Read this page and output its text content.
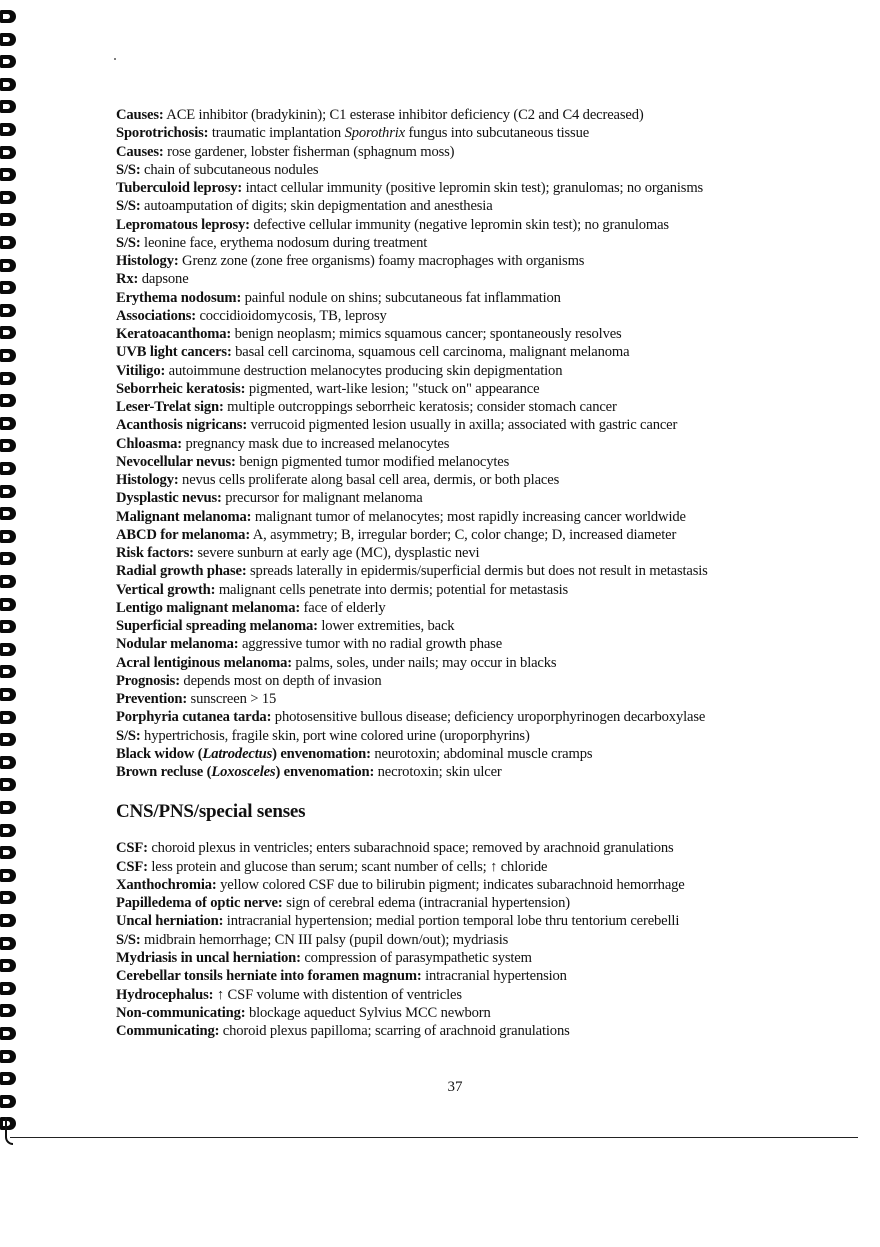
Causes: ACE inhibitor (bradykinin); C1 esterase inhibitor deficiency (C2 and C4 decreased)
Sporotrichosis: traumatic implantation Sporothrix fungus into subcutaneous tissue
Causes: rose gardener, lobster fisherman (sphagnum moss)
S/S: chain of subcutaneous nodules
Tuberculoid leprosy: intact cellular immunity (positive lepromin skin test); granulomas; no organisms
S/S: autoamputation of digits; skin depigmentation and anesthesia
Lepromatous leprosy: defective cellular immunity (negative lepromin skin test); no granulomas
S/S: leonine face, erythema nodosum during treatment
Histology: Grenz zone (zone free organisms) foamy macrophages with organisms
Rx: dapsone
Erythema nodosum: painful nodule on shins; subcutaneous fat inflammation
Associations: coccidioidomycosis, TB, leprosy
Keratoacanthoma: benign neoplasm; mimics squamous cancer; spontaneously resolves
UVB light cancers: basal cell carcinoma, squamous cell carcinoma, malignant melanoma
Vitiligo: autoimmune destruction melanocytes producing skin depigmentation
Seborrheic keratosis: pigmented, wart-like lesion; "stuck on" appearance
Leser-Trelat sign: multiple outcroppings seborrheic keratosis; consider stomach cancer
Acanthosis nigricans: verrucoid pigmented lesion usually in axilla; associated with gastric cancer
Chloasma: pregnancy mask due to increased melanocytes
Nevocellular nevus: benign pigmented tumor modified melanocytes
Histology: nevus cells proliferate along basal cell area, dermis, or both places
Dysplastic nevus: precursor for malignant melanoma
Malignant melanoma: malignant tumor of melanocytes; most rapidly increasing cancer worldwide
ABCD for melanoma: A, asymmetry; B, irregular border; C, color change; D, increased diameter
Risk factors: severe sunburn at early age (MC), dysplastic nevi
Radial growth phase: spreads laterally in epidermis/superficial dermis but does not result in metastasis
Vertical growth: malignant cells penetrate into dermis; potential for metastasis
Lentigo malignant melanoma: face of elderly
Superficial spreading melanoma: lower extremities, back
Nodular melanoma: aggressive tumor with no radial growth phase
Acral lentiginous melanoma: palms, soles, under nails; may occur in blacks
Prognosis: depends most on depth of invasion
Prevention: sunscreen > 15
Porphyria cutanea tarda: photosensitive bullous disease; deficiency uroporphyrinogen decarboxylase
S/S: hypertrichosis, fragile skin, port wine colored urine (uroporphyrins)
Black widow (Latrodectus) envenomation: neurotoxin; abdominal muscle cramps
Brown recluse (Loxosceles) envenomation: necrotoxin; skin ulcer
CNS/PNS/special senses
CSF: choroid plexus in ventricles; enters subarachnoid space; removed by arachnoid granulations
CSF: less protein and glucose than serum; scant number of cells; ↑ chloride
Xanthochromia: yellow colored CSF due to bilirubin pigment; indicates subarachnoid hemorrhage
Papilledema of optic nerve: sign of cerebral edema (intracranial hypertension)
Uncal herniation: intracranial hypertension; medial portion temporal lobe thru tentorium cerebelli
S/S: midbrain hemorrhage; CN III palsy (pupil down/out); mydriasis
Mydriasis in uncal herniation: compression of parasympathetic system
Cerebellar tonsils herniate into foramen magnum: intracranial hypertension
Hydrocephalus: ↑ CSF volume with distention of ventricles
Non-communicating: blockage aqueduct Sylvius MCC newborn
Communicating: choroid plexus papilloma; scarring of arachnoid granulations
37
